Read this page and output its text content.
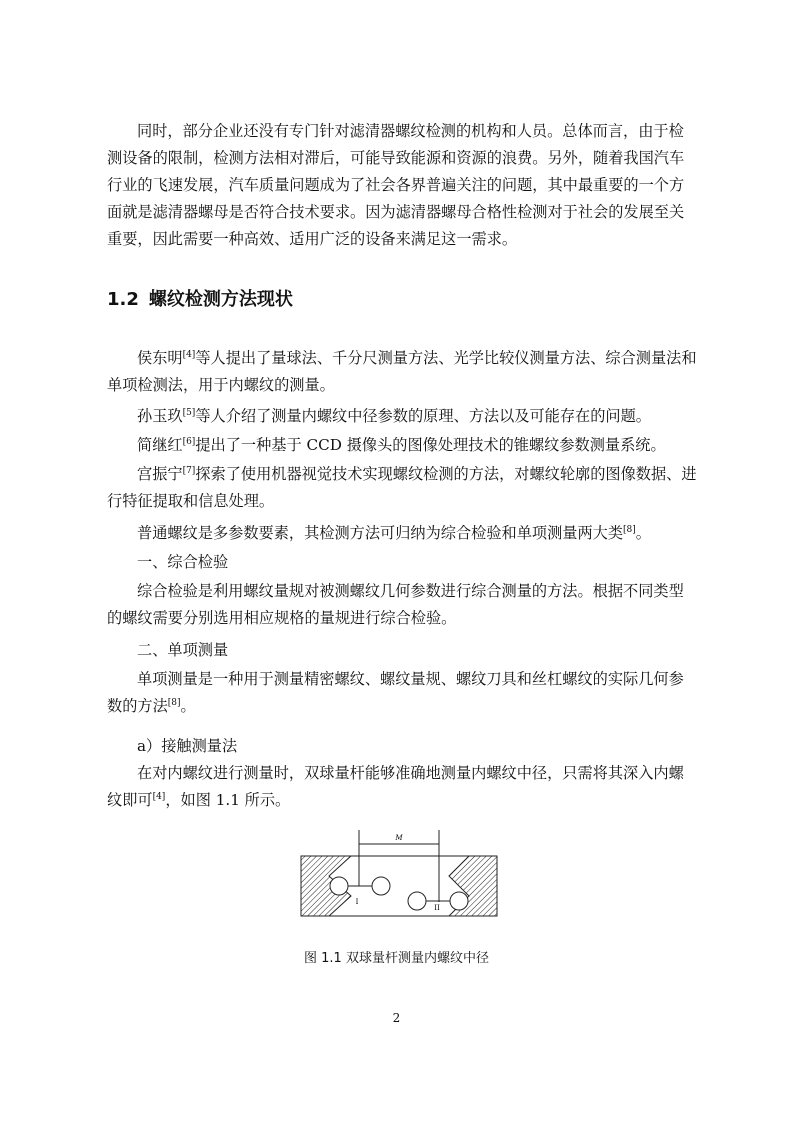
同时，部分企业还没有专门针对滤清器螺纹检测的机构和人员。总体而言，由于检测设备的限制，检测方法相对滞后，可能导致能源和资源的浪费。另外，随着我国汽车行业的飞速发展，汽车质量问题成为了社会各界普遍关注的问题，其中最重要的一个方面就是滤清器螺母是否符合技术要求。因为滤清器螺母合格性检测对于社会的发展至关重要，因此需要一种高效、适用广泛的设备来满足这一需求。
1.2 螺纹检测方法现状
侯东明[4]等人提出了量球法、千分尺测量方法、光学比较仪测量方法、综合测量法和单项检测法，用于内螺纹的测量。
孙玉玖[5]等人介绍了测量内螺纹中径参数的原理、方法以及可能存在的问题。
简继红[6]提出了一种基于 CCD 摄像头的图像处理技术的锥螺纹参数测量系统。
宫振宁[7]探索了使用机器视觉技术实现螺纹检测的方法，对螺纹轮廓的图像数据、进行特征提取和信息处理。
普通螺纹是多参数要素，其检测方法可归纳为综合检验和单项测量两大类[8]。
一、综合检验
综合检验是利用螺纹量规对被测螺纹几何参数进行综合测量的方法。根据不同类型的螺纹需要分别选用相应规格的量规进行综合检验。
二、单项测量
单项测量是一种用于测量精密螺纹、螺纹量规、螺纹刀具和丝杠螺纹的实际几何参数的方法[8]。
a）接触测量法
在对内螺纹进行测量时，双球量杆能够准确地测量内螺纹中径，只需将其深入内螺纹即可[4]，如图 1.1 所示。
M
I
II
图 1.1 双球量杆测量内螺纹中径
2
